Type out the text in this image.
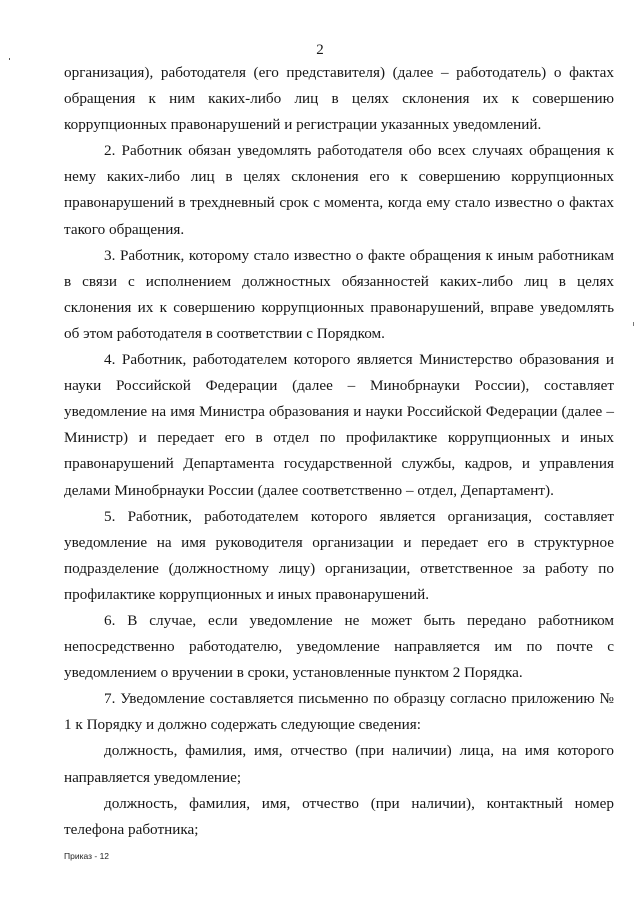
2

организация), работодателя (его представителя) (далее – работодатель) о фактах обращения к ним каких-либо лиц в целях склонения их к совершению коррупционных правонарушений и регистрации указанных уведомлений.

2. Работник обязан уведомлять работодателя обо всех случаях обращения к нему каких-либо лиц в целях склонения его к совершению коррупционных правонарушений в трехдневный срок с момента, когда ему стало известно о фактах такого обращения.

3. Работник, которому стало известно о факте обращения к иным работникам в связи с исполнением должностных обязанностей каких-либо лиц в целях склонения их к совершению коррупционных правонарушений, вправе уведомлять об этом работодателя в соответствии с Порядком.

4. Работник, работодателем которого является Министерство образования и науки Российской Федерации (далее – Минобрнауки России), составляет уведомление на имя Министра образования и науки Российской Федерации (далее – Министр) и передает его в отдел по профилактике коррупционных и иных правонарушений Департамента государственной службы, кадров, и управления делами Минобрнауки России (далее соответственно – отдел, Департамент).

5. Работник, работодателем которого является организация, составляет уведомление на имя руководителя организации и передает его в структурное подразделение (должностному лицу) организации, ответственное за работу по профилактике коррупционных и иных правонарушений.

6. В случае, если уведомление не может быть передано работником непосредственно работодателю, уведомление направляется им по почте с уведомлением о вручении в сроки, установленные пунктом 2 Порядка.

7. Уведомление составляется письменно по образцу согласно приложению № 1 к Порядку и должно содержать следующие сведения:

должность, фамилия, имя, отчество (при наличии) лица, на имя которого направляется уведомление;

должность, фамилия, имя, отчество (при наличии), контактный номер телефона работника;

Приказ - 12
